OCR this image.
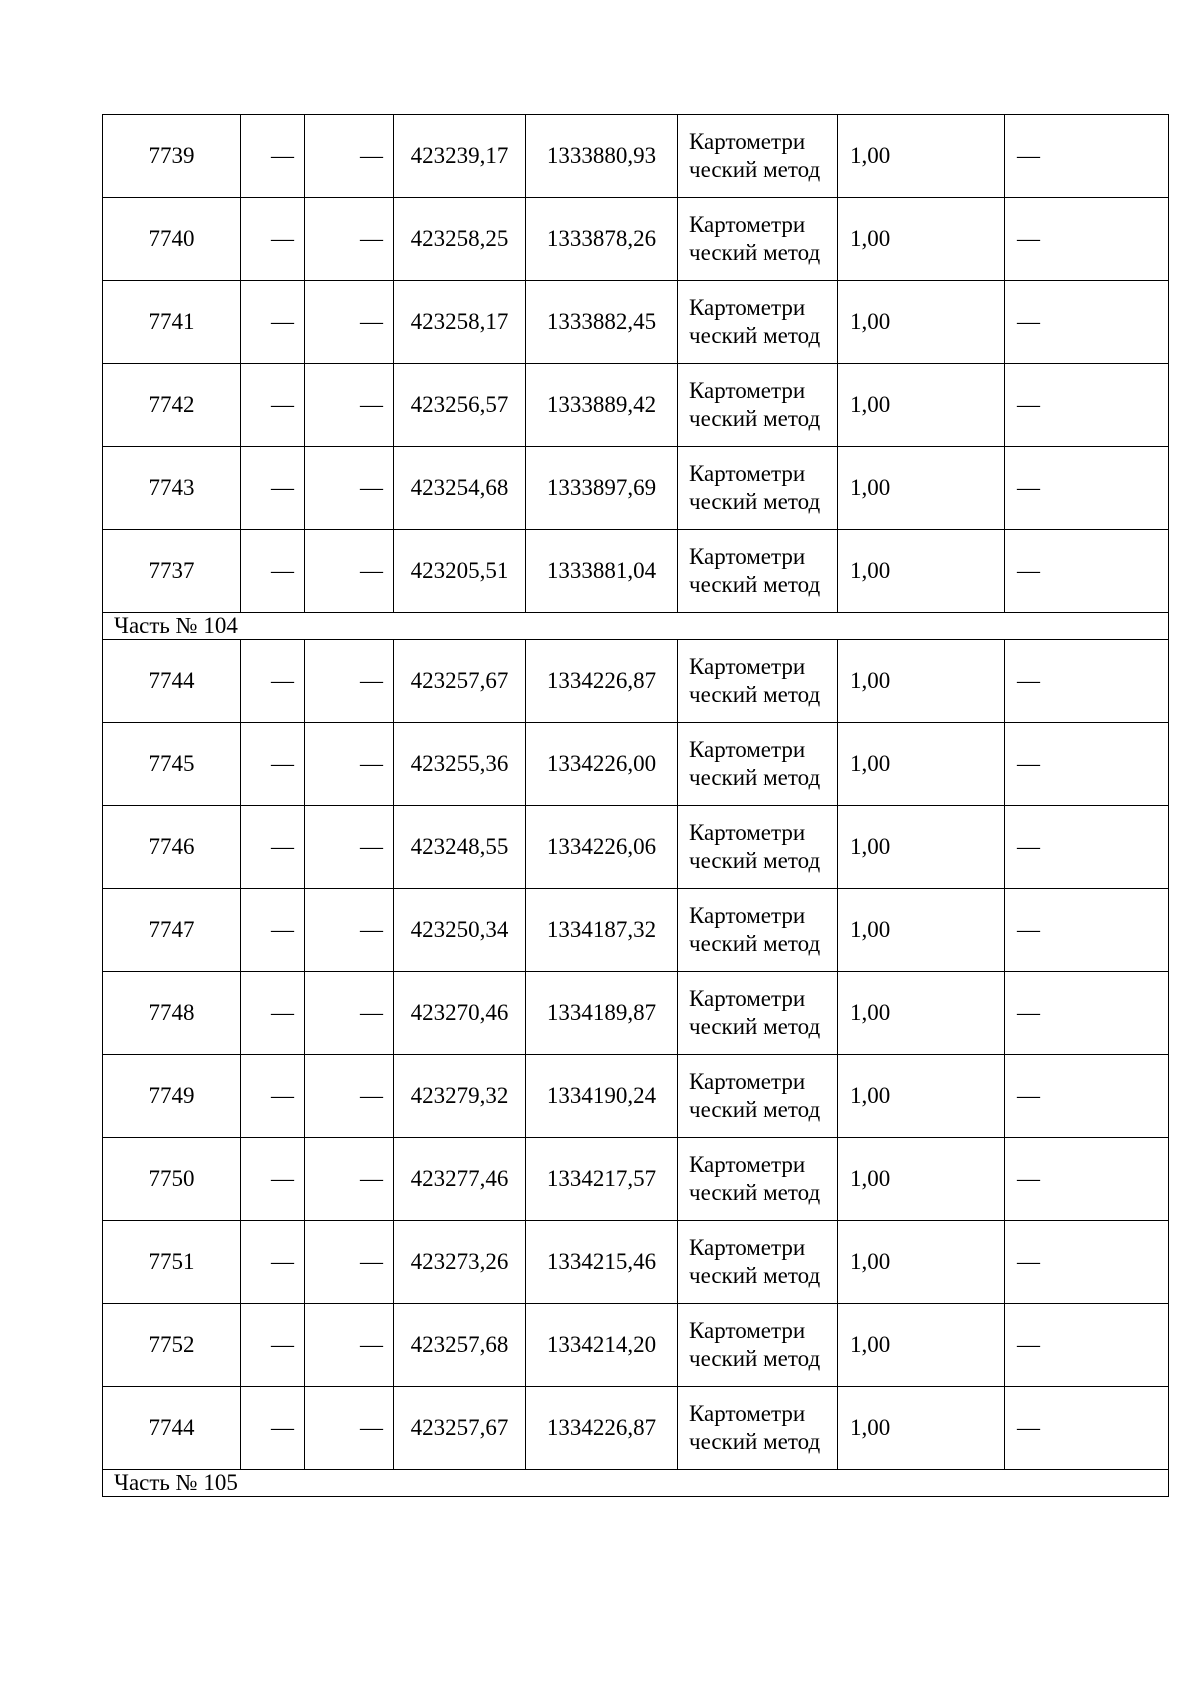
7739	—	—	423239,17	1333880,93	Картометри ческий метод	1,00	—
7740	—	—	423258,25	1333878,26	Картометри ческий метод	1,00	—
7741	—	—	423258,17	1333882,45	Картометри ческий метод	1,00	—
7742	—	—	423256,57	1333889,42	Картометри ческий метод	1,00	—
7743	—	—	423254,68	1333897,69	Картометри ческий метод	1,00	—
7737	—	—	423205,51	1333881,04	Картометри ческий метод	1,00	—
Часть № 104							
7744	—	—	423257,67	1334226,87	Картометри ческий метод	1,00	—
7745	—	—	423255,36	1334226,00	Картометри ческий метод	1,00	—
7746	—	—	423248,55	1334226,06	Картометри ческий метод	1,00	—
7747	—	—	423250,34	1334187,32	Картометри ческий метод	1,00	—
7748	—	—	423270,46	1334189,87	Картометри ческий метод	1,00	—
7749	—	—	423279,32	1334190,24	Картометри ческий метод	1,00	—
7750	—	—	423277,46	1334217,57	Картометри ческий метод	1,00	—
7751	—	—	423273,26	1334215,46	Картометри ческий метод	1,00	—
7752	—	—	423257,68	1334214,20	Картометри ческий метод	1,00	—
7744	—	—	423257,67	1334226,87	Картометри ческий метод	1,00	—
Часть № 105							
